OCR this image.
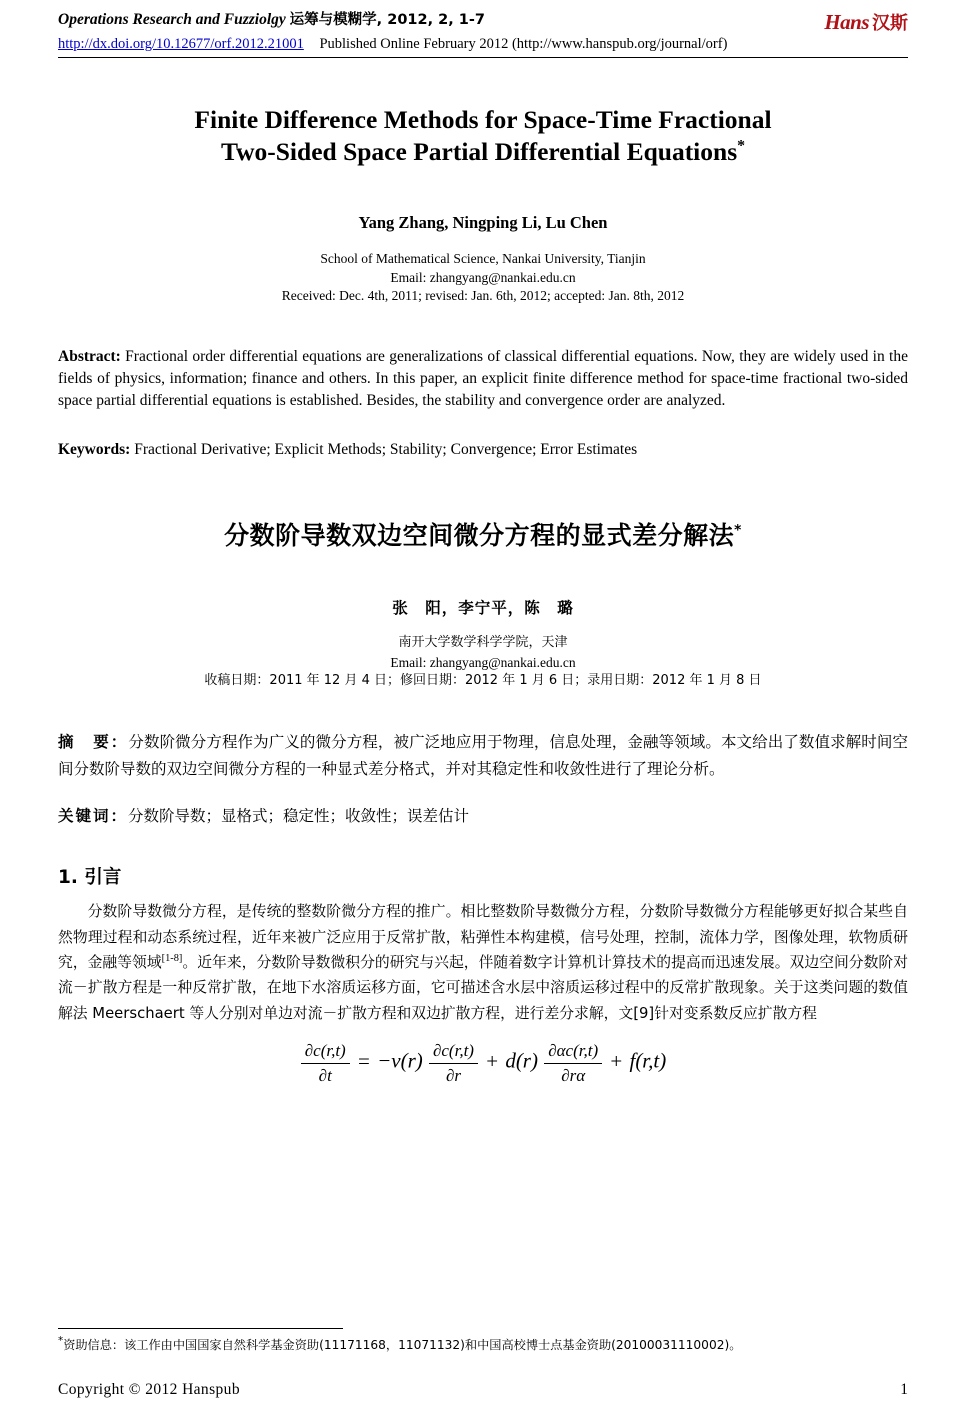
Operations Research and Fuzziolgy 运筹与模糊学, 2012, 2, 1-7	Hans 汉斯
http://dx.doi.org/10.12677/orf.2012.21001 Published Online February 2012 (http://www.hanspub.org/journal/orf)
Finite Difference Methods for Space-Time Fractional
Two-Sided Space Partial Differential Equations*
Yang Zhang, Ningping Li, Lu Chen
School of Mathematical Science, Nankai University, Tianjin
Email: zhangyang@nankai.edu.cn
Received: Dec. 4th, 2011; revised: Jan. 6th, 2012; accepted: Jan. 8th, 2012
Abstract: Fractional order differential equations are generalizations of classical differential equations. Now, they are widely used in the fields of physics, information; finance and others. In this paper, an explicit finite difference method for space-time fractional two-sided space partial differential equations is established. Besides, the stability and convergence order are analyzed.
Keywords: Fractional Derivative; Explicit Methods; Stability; Convergence; Error Estimates
分数阶导数双边空间微分方程的显式差分解法*
张　阳，李宁平，陈　璐
南开大学数学科学学院，天津
Email: zhangyang@nankai.edu.cn
收稿日期：2011 年 12 月 4 日；修回日期：2012 年 1 月 6 日；录用日期：2012 年 1 月 8 日
摘　要：分数阶微分方程作为广义的微分方程，被广泛地应用于物理，信息处理，金融等领域。本文给出了数值求解时间空间分数阶导数的双边空间微分方程的一种显式差分格式，并对其稳定性和收敛性进行了理论分析。
关键词：分数阶导数；显格式；稳定性；收敛性；误差估计
1. 引言
分数阶导数微分方程，是传统的整数阶微分方程的推广。相比整数阶导数微分方程，分数阶导数微分方程能够更好拟合某些自然物理过程和动态系统过程，近年来被广泛应用于反常扩散，粘弹性本构建模，信号处理，控制，流体力学，图像处理，软物质研究，金融等领域[1-8]。近年来，分数阶导数微积分的研究与兴起，伴随着数字计算机计算技术的提高而迅速发展。双边空间分数阶对流－扩散方程是一种反常扩散，在地下水溶质运移方面，它可描述含水层中溶质运移过程中的反常扩散现象。关于这类问题的数值解法 Meerschaert 等人分别对单边对流－扩散方程和双边扩散方程，进行差分求解，文[9]针对变系数反应扩散方程
$\frac{\partial c(r,t)}{\partial t} = -v(r) \frac{\partial c(r,t)}{\partial r} + d(r) \frac{\partial\alpha c(r,t)}{\partial r\alpha} + f(r,t)$
*资助信息：该工作由中国国家自然科学基金资助(11171168，11071132)和中国高校博士点基金资助(20100031110002)。
Copyright © 2012 Hanspub	1
